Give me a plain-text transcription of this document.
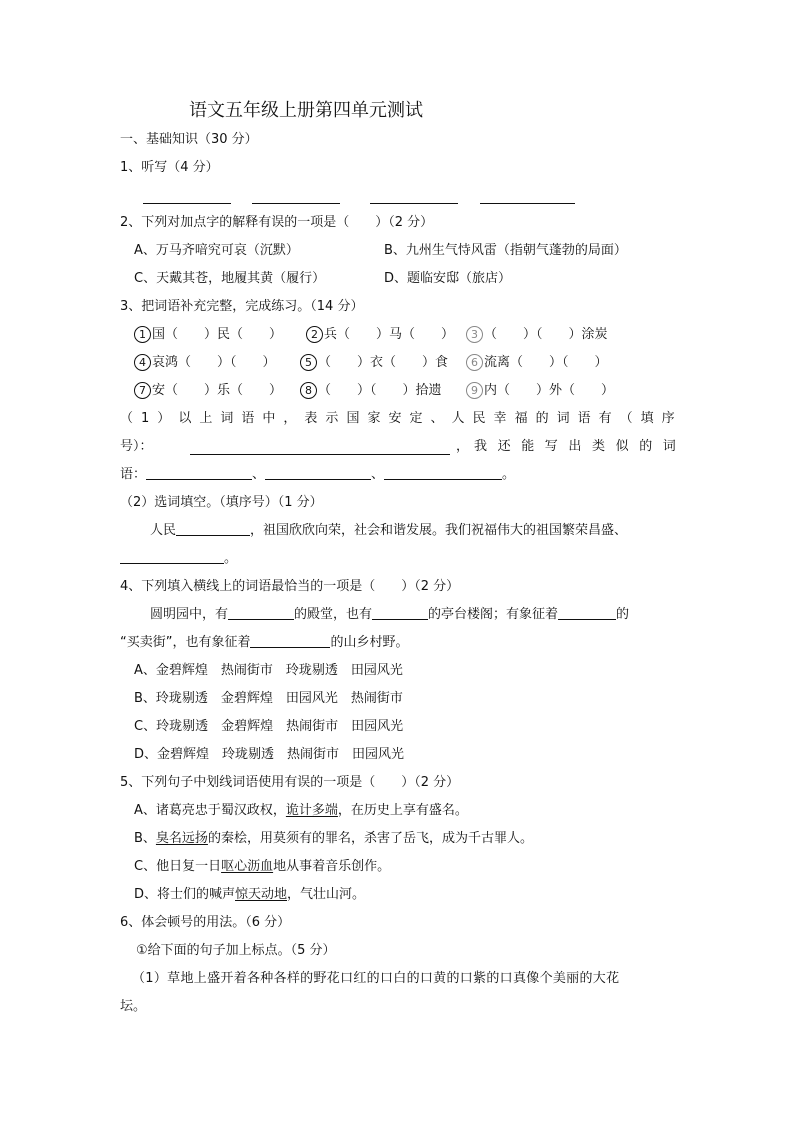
语文五年级上册第四单元测试
一、基础知识（30 分）
1、听写（4 分）
2、下列对加点字的解释有误的一项是（　　）（2 分）
A、万马齐喑究可哀（沉默）	B、九州生气恃风雷（指朝气蓬勃的局面）
C、天戴其苍，地履其黄（履行）	D、题临安邸（旅店）
3、把词语补充完整，完成练习。（14 分）
1 国（　　）民（　　）	2 兵（　　）马（　　）	3 （　　）（　　）涂炭
4 哀鸿（　　）（　　）	5 （　　）衣（　　）食	6 流离（　　）（　　）
7 安（　　）乐（　　）	8 （　　）（　　）拾遗	9 内（　　）外（　　）
（ 1 ） 以 上 词 语 中 ， 表 示 国 家 安 定 、 人 民 幸 福 的 词 语 有 （ 填 序
号）：	， 我还能写出类似的词
语：	、	、	。
（2）选词填空。（填序号）（1 分）
人民	，祖国欣欣向荣，社会和谐发展。我们祝福伟大的祖国繁荣昌盛、
。
4、下列填入横线上的词语最恰当的一项是（　　）（2 分）
圆明园中，有	的殿堂，也有	的亭台楼阁；有象征着	的
“买卖街”，也有象征着	的山乡村野。
A、金碧辉煌　热闹街市　玲珑剔透　田园风光
B、玲珑剔透　金碧辉煌　田园风光　热闹街市
C、玲珑剔透　金碧辉煌　热闹街市　田园风光
D、金碧辉煌　玲珑剔透　热闹街市　田园风光
5、下列句子中划线词语使用有误的一项是（　　）（2 分）
A、诸葛亮忠于蜀汉政权，诡计多端，在历史上享有盛名。
B、臭名远扬的秦桧，用莫须有的罪名，杀害了岳飞，成为千古罪人。
C、他日复一日呕心沥血地从事着音乐创作。
D、将士们的喊声惊天动地，气壮山河。
6、体会顿号的用法。（6 分）
①给下面的句子加上标点。（5 分）
（1）草地上盛开着各种各样的野花口红的口白的口黄的口紫的口真像个美丽的大花
坛。
